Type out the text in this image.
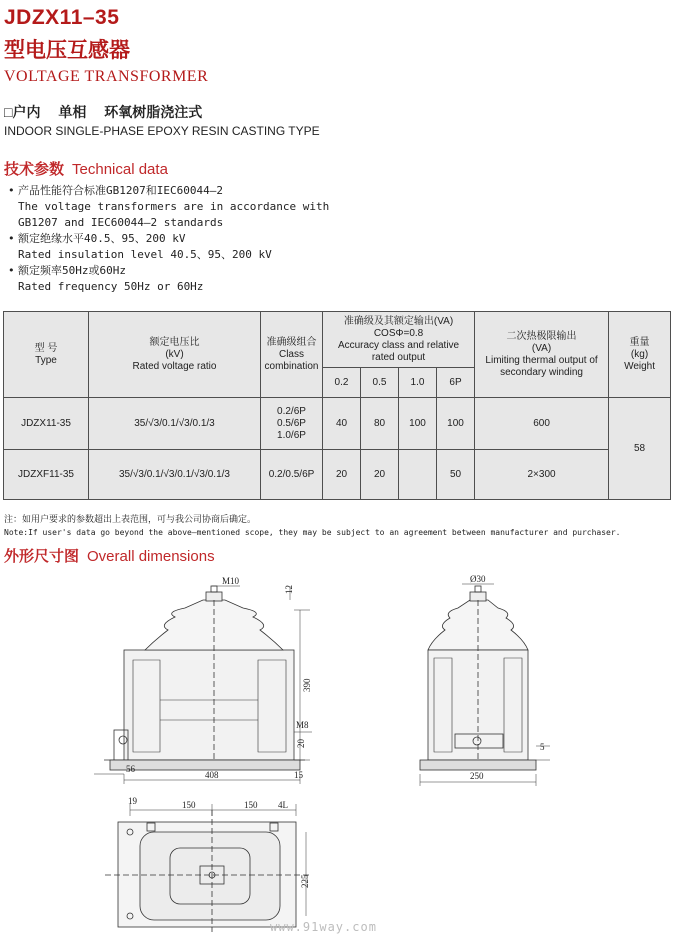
JDZX11–35
型电压互感器
VOLTAGE TRANSFORMER
□户内 单相 环氧树脂浇注式
INDOOR SINGLE-PHASE EPOXY RESIN CASTING TYPE
技术参数 Technical data
• 产品性能符合标准GB1207和IEC60044–2
The voltage transformers are in accordance with
GB1207 and IEC60044–2 standards
• 额定绝缘水平40.5、95、200 kV
Rated insulation level 40.5、95、200 kV
• 额定频率50Hz或60Hz
Rated frequency 50Hz or 60Hz
型 号
Type	额定电压比
(kV)
Rated voltage ratio	准确级组合
Class
combination	准确级及其额定输出(VA)
COSΦ=0.8
Accuracy class and relative
rated output				二次热极限输出
(VA)
Limiting thermal output of
secondary winding	重量
(kg)
Weight
			0.2	0.5	1.0	6P		
JDZX11-35	35/√3/0.1/√3/0.1/3	0.2/6P
0.5/6P
1.0/6P	40	80	100	100	600	58
JDZXF11-35	35/√3/0.1/√3/0.1/√3/0.1/3	0.2/0.5/6P	20	20		50	2×300	
注：如用户要求的参数超出上表范围，可与我公司协商后确定。
Note:If user's data go beyond the above—mentioned scope, they may be subject to an agreement between manufacturer and purchaser.
外形尺寸图 Overall dimensions
M10
12
390
M8
20
56
408	15
Ø30
5
250
19	150	150 4L
225
www.91way.com
